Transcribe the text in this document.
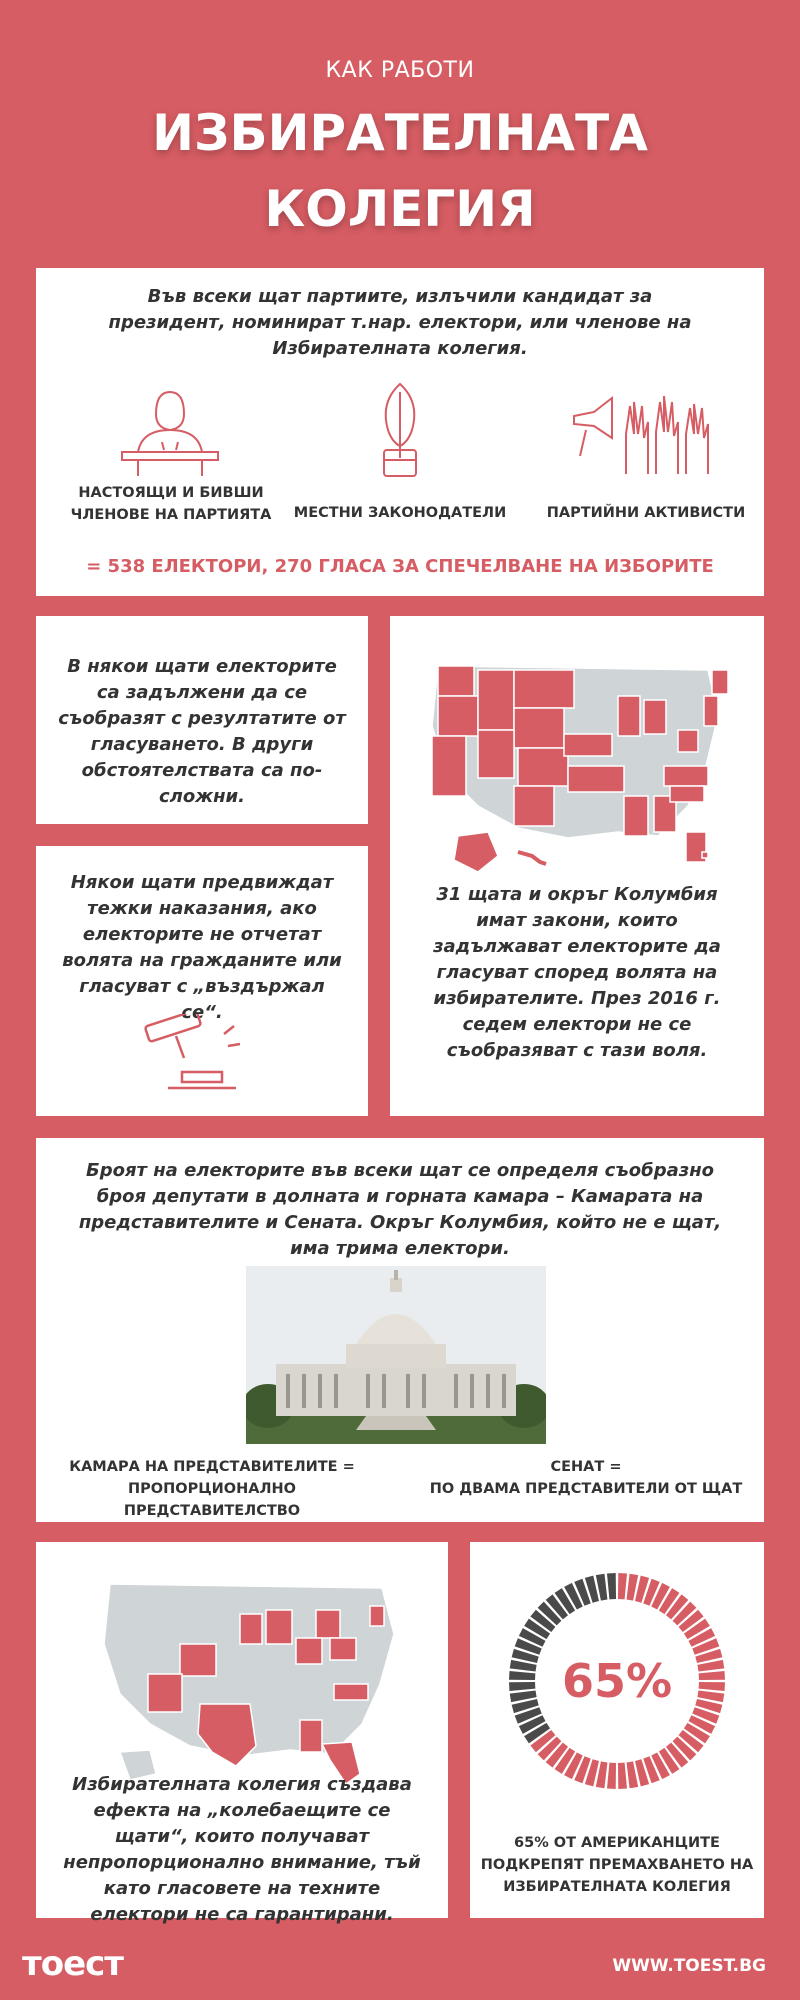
КАК РАБОТИ
ИЗБИРАТЕЛНАТА
КОЛЕГИЯ
Във всеки щат партиите, излъчили кандидат за президент, номинират т.нар. електори, или членове на Избирателната колегия.
НАСТОЯЩИ И БИВШИ
ЧЛЕНОВЕ НА ПАРТИЯТА	МЕСТНИ ЗАКОНОДАТЕЛИ	ПАРТИЙНИ АКТИВИСТИ
= 538 ЕЛЕКТОРИ, 270 ГЛАСА ЗА СПЕЧЕЛВАНЕ НА ИЗБОРИТЕ
В някои щати електорите са задължени да се съобразят с резултатите от гласуването. В други обстоятелствата са по-сложни.
Някои щати предвиждат тежки наказания, ако електорите не отчетат волята на гражданите или гласуват с „въздържал се“.
31 щата и окръг Колумбия имат закони, които задължават електорите да гласуват според волята на избирателите. През 2016 г. седем електори не се съобразяват с тази воля.
Броят на електорите във всеки щат се определя съобразно броя депутати в долната и горната камара – Камарата на представителите и Сената. Окръг Колумбия, който не е щат, има трима електори.
КАМАРА НА ПРЕДСТАВИТЕЛИТЕ =
ПРОПОРЦИОНАЛНО ПРЕДСТАВИТЕЛСТВО
СЕНАТ =
ПО ДВАМА ПРЕДСТАВИТЕЛИ ОТ ЩАТ
Избирателната колегия създава ефекта на „колебаещите се щати“, които получават непропорционално внимание, тъй като гласовете на техните електори не са гарантирани.
65%
65% ОТ АМЕРИКАНЦИТЕ
ПОДКРЕПЯТ ПРЕМАХВАНЕТО НА
ИЗБИРАТЕЛНАТА КОЛЕГИЯ
тоест	WWW.TOEST.BG
